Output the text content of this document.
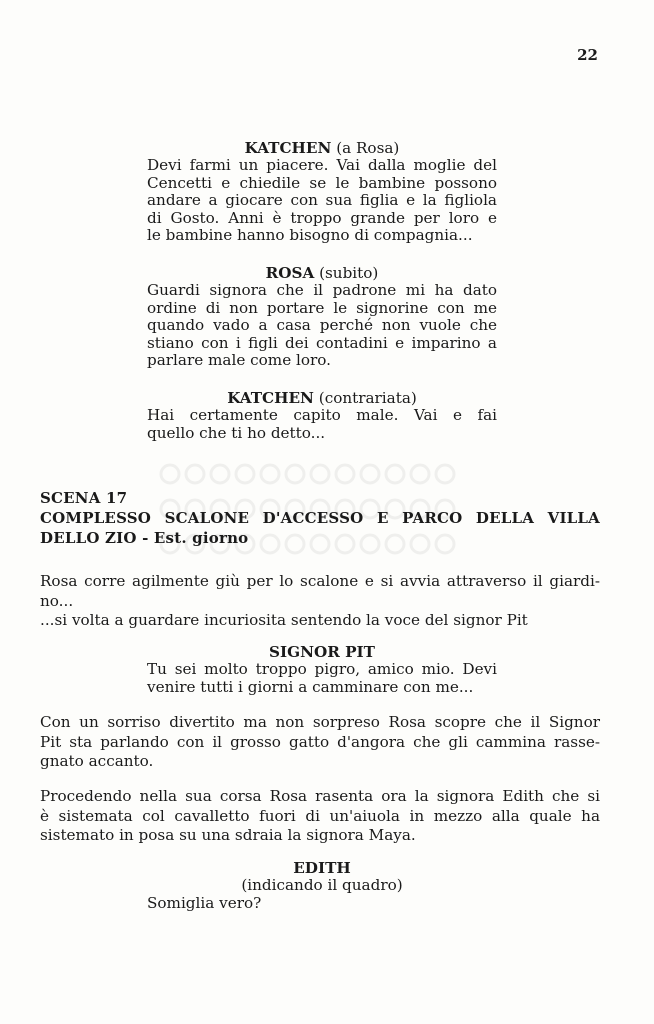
22
KATCHEN (a Rosa)
Devi farmi un piacere. Vai dalla moglie del
Cencetti e chiedile se le bambine possono
andare a giocare con sua figlia e la figliola
di Gosto. Anni è troppo grande per loro e
le bambine hanno bisogno di compagnia...
ROSA (subito)
Guardi signora che il padrone mi ha dato
ordine di non portare le signorine con me
quando vado a casa perché non vuole che
stiano con i figli dei contadini e imparino a
parlare male come loro.
KATCHEN (contrariata)
Hai certamente capito male. Vai e fai
quello che ti ho detto...
SCENA 17
COMPLESSO SCALONE D'ACCESSO E PARCO DELLA VILLA
DELLO ZIO - Est. giorno
Rosa corre agilmente giù per lo scalone e si avvia attraverso il giardi-
no...
...si volta a guardare incuriosita sentendo la voce del signor Pit
SIGNOR PIT
Tu sei molto troppo pigro, amico mio. Devi
venire tutti i giorni a camminare con me...
Con un sorriso divertito ma non sorpreso Rosa scopre che il Signor
Pit sta parlando con il grosso gatto d'angora che gli cammina rasse-
gnato accanto.
Procedendo nella sua corsa Rosa rasenta ora la signora Edith che si
è sistemata col cavalletto fuori di un'aiuola in mezzo alla quale ha
sistemato in posa su una sdraia la signora Maya.
EDITH
(indicando il quadro)
Somiglia vero?
